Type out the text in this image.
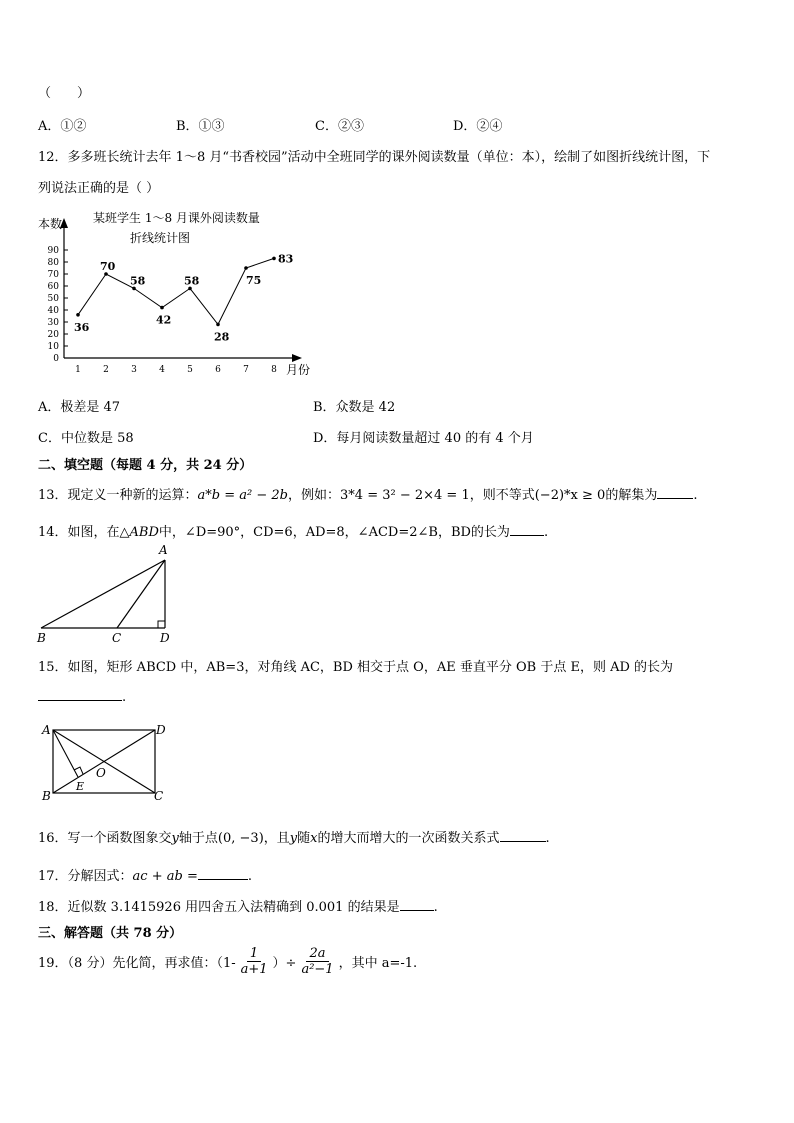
（　　）
A．①②	B．①③	C．②③	D．②④
12．多多班长统计去年 1～8 月“书香校园”活动中全班同学的课外阅读数量（单位：本），绘制了如图折线统计图，下
列说法正确的是（ ）
某班学生 1～8 月课外阅读数量
折线统计图
本数
月份
0
10
20
30
40
50
60
70
80
90
1 2 3 4 5 6 7 8
36
70
58
42
58
28
75
83
A．极差是 47	B．众数是 42
C．中位数是 58	D．每月阅读数量超过 40 的有 4 个月
二、填空题（每题 4 分，共 24 分）
13．现定义一种新的运算：a*b = a² − 2b，例如：3*4 = 3² − 2×4 = 1，则不等式(−2)*x ≥ 0的解集为	.
14．如图，在△ABD中，∠D=90°，CD=6，AD=8，∠ACD=2∠B，BD的长为	.
A
B	C	D
15．如图，矩形 ABCD 中，AB=3，对角线 AC，BD 相交于点 O，AE 垂直平分 OB 于点 E，则 AD 的长为
.
A	D
B	C
O
E
16．写一个函数图象交y轴于点(0, −3)，且y随x的增大而增大的一次函数关系式	.
17．分解因式：ac + ab =	.
18．近似数 3.1415926 用四舍五入法精确到 0.001 的结果是	.
三、解答题（共 78 分）
19．（8 分）先化简，再求值：（$1- \frac{1}{a+1}$ ）÷ $\frac{2a}{\text{a²−1}}$ ，其中 a=-1.
